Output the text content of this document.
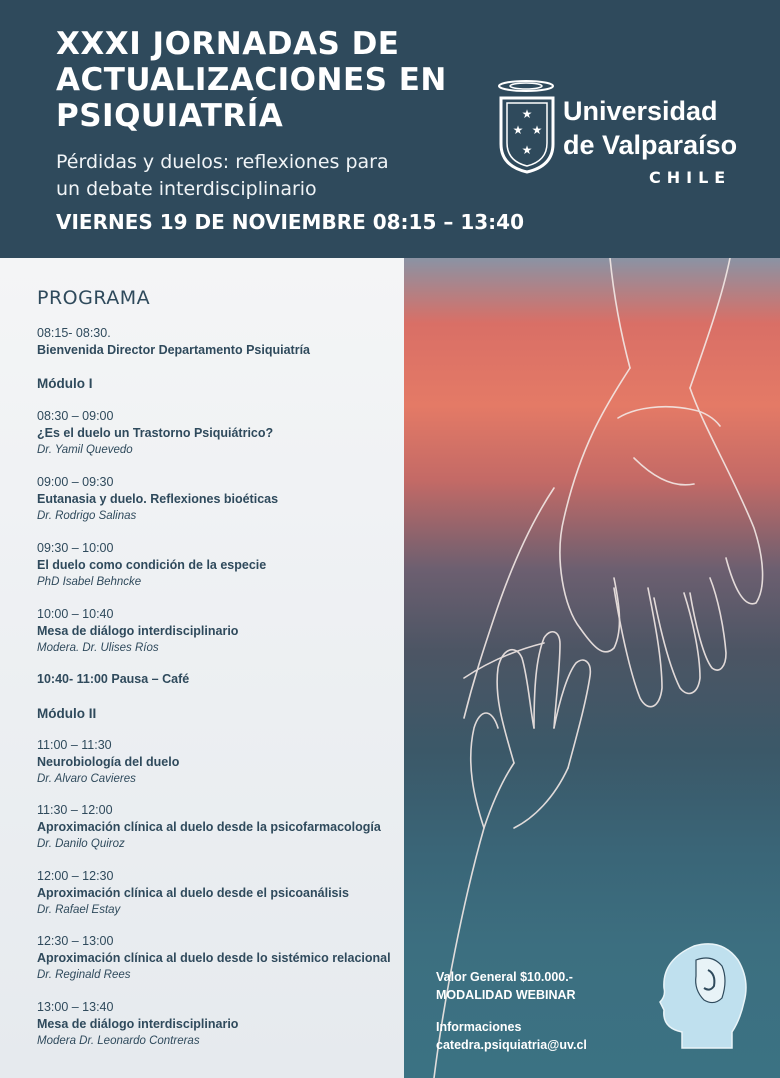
XXXI JORNADAS DE
ACTUALIZACIONES EN
PSIQUIATRÍA
Pérdidas y duelos: reflexiones para
un debate interdisciplinario
VIERNES 19 DE NOVIEMBRE 08:15 – 13:40
★
★ ★
★
Universidad
de Valparaíso
CHILE
PROGRAMA
08:15- 08:30.
Bienvenida Director Departamento Psiquiatría
Módulo I
08:30 – 09:00
¿Es el duelo un Trastorno Psiquiátrico?
Dr. Yamil Quevedo
09:00 – 09:30
Eutanasia y duelo. Reflexiones bioéticas
Dr. Rodrigo Salinas
09:30 – 10:00
El duelo como condición de la especie
PhD Isabel Behncke
10:00 – 10:40
Mesa de diálogo interdisciplinario
Modera. Dr. Ulises Ríos
10:40- 11:00 Pausa – Café
Módulo II
11:00 – 11:30
Neurobiología del duelo
Dr. Alvaro Cavieres
11:30 – 12:00
Aproximación clínica al duelo desde la psicofarmacología
Dr. Danilo Quiroz
12:00 – 12:30
Aproximación clínica al duelo desde el psicoanálisis
Dr. Rafael Estay
12:30 – 13:00
Aproximación clínica al duelo desde lo sistémico relacional
Dr. Reginald Rees
13:00 – 13:40
Mesa de diálogo interdisciplinario
Modera Dr. Leonardo Contreras
Valor General $10.000.-
MODALIDAD WEBINAR
Informaciones
catedra.psiquiatria@uv.cl
